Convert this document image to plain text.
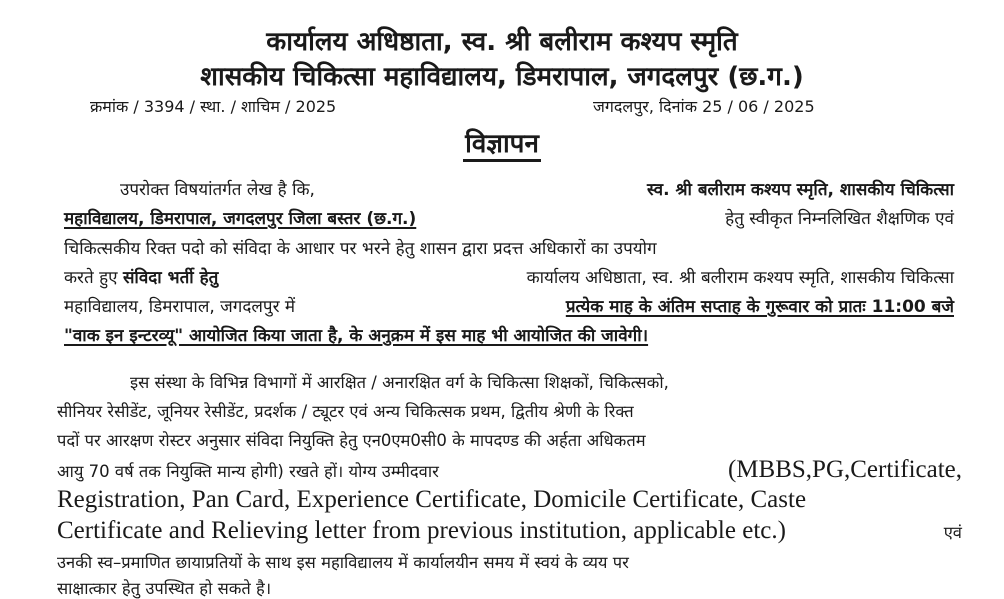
कार्यालय अधिष्ठाता, स्व. श्री बलीराम कश्यप स्मृति
शासकीय चिकित्सा महाविद्यालय, डिमरापाल, जगदलपुर (छ.ग.)
क्रमांक / 3394 / स्था. / शाचिम / 2025	जगदलपुर, दिनांक 25 / 06 / 2025
विज्ञापन
उपरोक्त विषयांतर्गत लेख है कि,	स्व. श्री बलीराम कश्यप स्मृति, शासकीय चिकित्सा
महाविद्यालय, डिमरापाल, जगदलपुर जिला बस्तर (छ.ग.)	हेतु स्वीकृत निम्नलिखित शैक्षणिक एवं
चिकित्सकीय रिक्त पदो को संविदा के आधार पर भरने हेतु शासन द्वारा प्रदत्त अधिकारों का उपयोग
करते हुए संविदा भर्ती हेतु	कार्यालय अधिष्ठाता, स्व. श्री बलीराम कश्यप स्मृति, शासकीय चिकित्सा
महाविद्यालय, डिमरापाल, जगदलपुर में	प्रत्येक माह के अंतिम सप्ताह के गुरूवार को प्रातः 11:00 बजे
"वाक इन इन्टरव्यू" आयोजित किया जाता है, के अनुक्रम में इस माह भी आयोजित की जावेगी।
इस संस्था के विभिन्न विभागों में आरक्षित / अनारक्षित वर्ग के चिकित्सा शिक्षकों, चिकित्सको,
सीनियर रेसीडेंट, जूनियर रेसीडेंट, प्रदर्शक / ट्यूटर एवं अन्य चिकित्सक प्रथम, द्वितीय श्रेणी के रिक्त
पदों पर आरक्षण रोस्टर अनुसार संविदा नियुक्ति हेतु एन0एम0सी0 के मापदण्ड की अर्हता अधिकतम
आयु 70 वर्ष तक नियुक्ति मान्य होगी) रखते हों। योग्य उम्मीदवार	(MBBS,PG,Certificate,
Registration, Pan Card, Experience Certificate, Domicile Certificate, Caste
Certificate and Relieving letter from previous institution, applicable etc.)	एवं
उनकी स्व–प्रमाणित छायाप्रतियों के साथ इस महाविद्यालय में कार्यालयीन समय में स्वयं के व्यय पर
साक्षात्कार हेतु उपस्थित हो सकते है।
